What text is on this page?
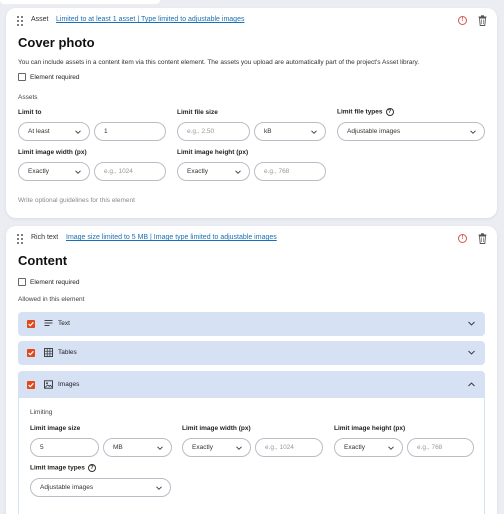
Asset Limited to at least 1 asset | Type limited to adjustable images	!
Cover photo
You can include assets in a content item via this content element. The assets you upload are automatically part of the project's Asset library.
Element required
Assets
Limit to
At least	1
Limit file size
e.g., 2.50	kB
Limit file types ?
Adjustable images
Limit image width (px)
Exactly	e.g., 1024
Limit image height (px)
Exactly	e.g., 768
Write optional guidelines for this element
Rich text Image size limited to 5 MB | Image type limited to adjustable images	!
Content
Element required
Allowed in this element
Text
Tables
Images
Limiting
Limit image size
5	MB
Limit image width (px)
Exactly	e.g., 1024
Limit image height (px)
Exactly	e.g., 768
Limit image types ?
Adjustable images
